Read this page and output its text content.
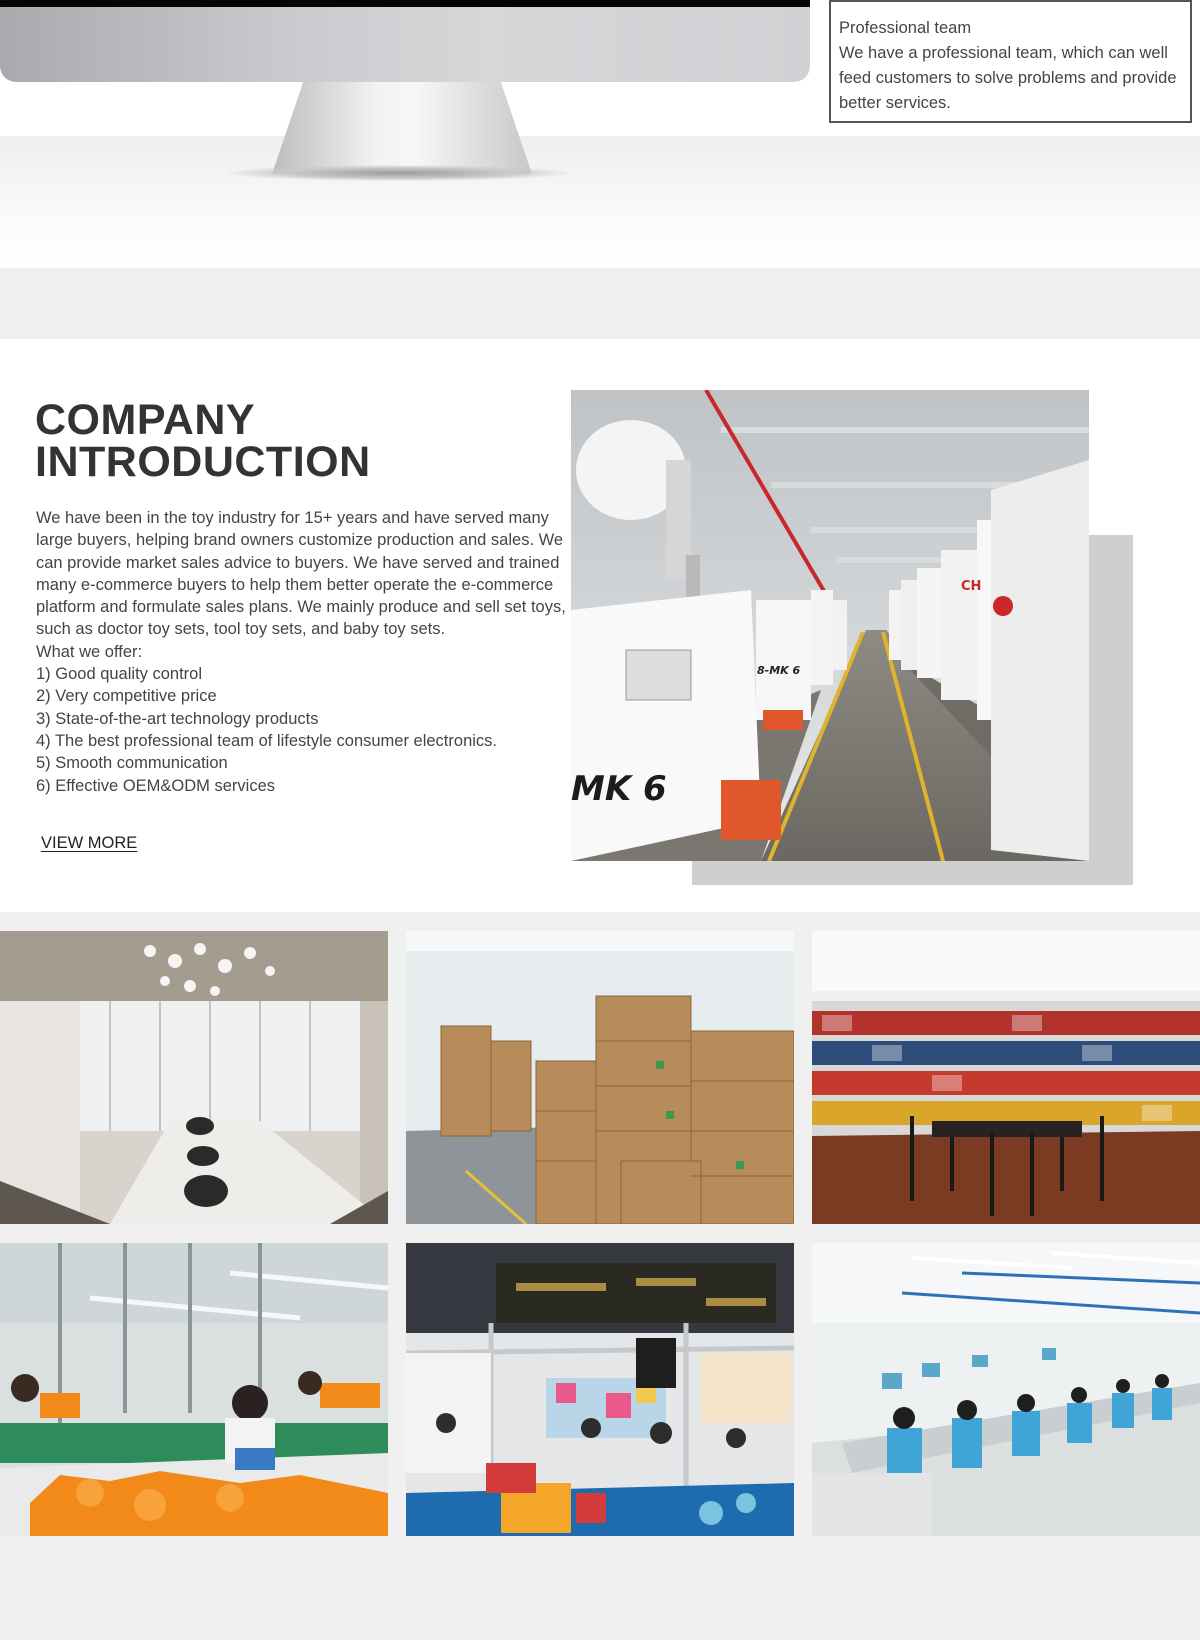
Professional team
We have a professional team, which can well feed customers to solve problems and provide better services.
COMPANY
INTRODUCTION

We have been in the toy industry for 15+ years and have served many large buyers, helping brand owners customize production and sales. We can provide market sales advice to buyers. We have served and trained many e-commerce buyers to help them better operate the e-commerce platform and formulate sales plans. We mainly produce and sell set toys, such as doctor toy sets, tool toy sets, and baby toy sets.

What we offer:

1) Good quality control
2) Very competitive price
3) State-of-the-art technology products
4) The best professional team of lifestyle consumer electronics.
5) Smooth communication
6) Effective OEM&ODM services
VIEW MORE
CH
8-MK 6
MK 6
